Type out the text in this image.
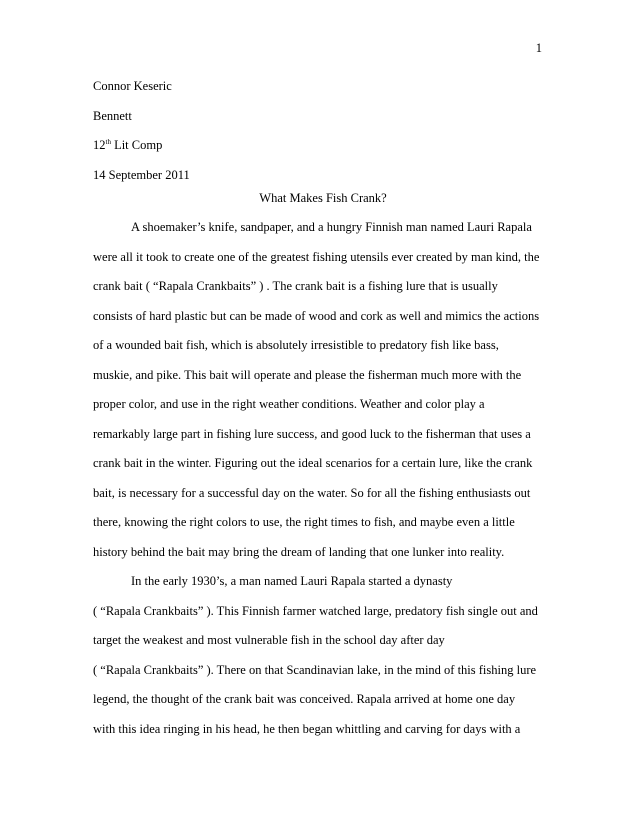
1
Connor Keseric
Bennett
12th Lit Comp
14 September 2011
What Makes Fish Crank?
A shoemaker’s knife, sandpaper, and a hungry Finnish man named Lauri Rapala
were all it took to create one of the greatest fishing utensils ever created by man kind, the
crank bait ( “Rapala Crankbaits” ) . The crank bait is a fishing lure that is usually
consists of hard plastic but can be made of wood and cork as well and mimics the actions
of a wounded bait fish, which is absolutely irresistible to predatory fish like bass,
muskie, and pike. This bait will operate and please the fisherman much more with the
proper color, and use in the right weather conditions. Weather and color play a
remarkably large part in fishing lure success, and good luck to the fisherman that uses a
crank bait in the winter. Figuring out the ideal scenarios for a certain lure, like the crank
bait, is necessary for a successful day on the water. So for all the fishing enthusiasts out
there, knowing the right colors to use, the right times to fish, and maybe even a little
history behind the bait may bring the dream of landing that one lunker into reality.
In the early 1930’s, a man named Lauri Rapala started a dynasty
( “Rapala Crankbaits” ). This Finnish farmer watched large, predatory fish single out and
target the weakest and most vulnerable fish in the school day after day
( “Rapala Crankbaits” ). There on that Scandinavian lake, in the mind of this fishing lure
legend, the thought of the crank bait was conceived. Rapala arrived at home one day
with this idea ringing in his head, he then began whittling and carving for days with a
